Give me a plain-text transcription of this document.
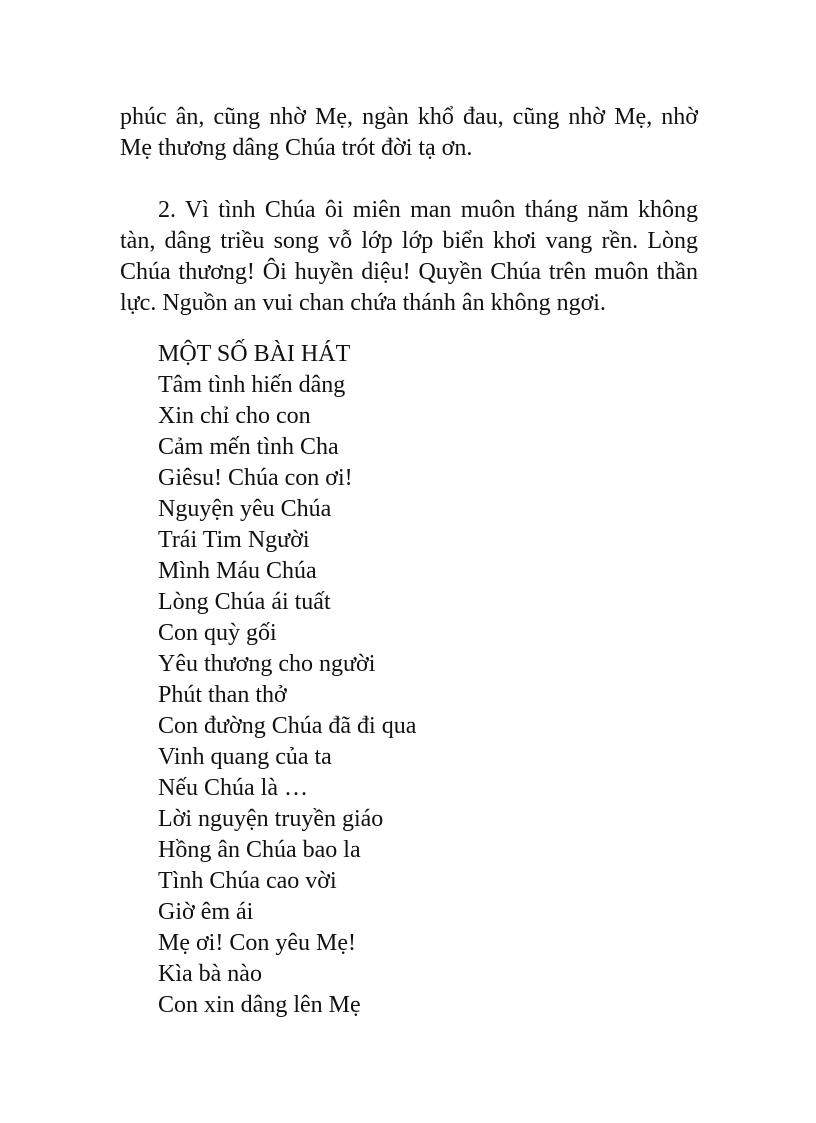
phúc ân, cũng nhờ Mẹ, ngàn khổ đau, cũng nhờ Mẹ, nhờ Mẹ thương dâng Chúa trót đời tạ ơn.

2. Vì tình Chúa ôi miên man muôn tháng năm không tàn, dâng triều song vỗ lớp lớp biển khơi vang rền. Lòng Chúa thương! Ôi huyền diệu! Quyền Chúa trên muôn thần lực. Nguồn an vui chan chứa thánh ân không ngơi.

MỘT SỐ BÀI HÁT
Tâm tình hiến dâng
Xin chỉ cho con
Cảm mến tình Cha
Giêsu! Chúa con ơi!
Nguyện yêu Chúa
Trái Tim Người
Mình Máu Chúa
Lòng Chúa ái tuất
Con quỳ gối
Yêu thương cho người
Phút than thở
Con đường Chúa đã đi qua
Vinh quang của ta
Nếu Chúa là …
Lời nguyện truyền giáo
Hồng ân Chúa bao la
Tình Chúa cao vời
Giờ êm ái
Mẹ ơi! Con yêu Mẹ!
Kìa bà nào
Con xin dâng lên Mẹ
